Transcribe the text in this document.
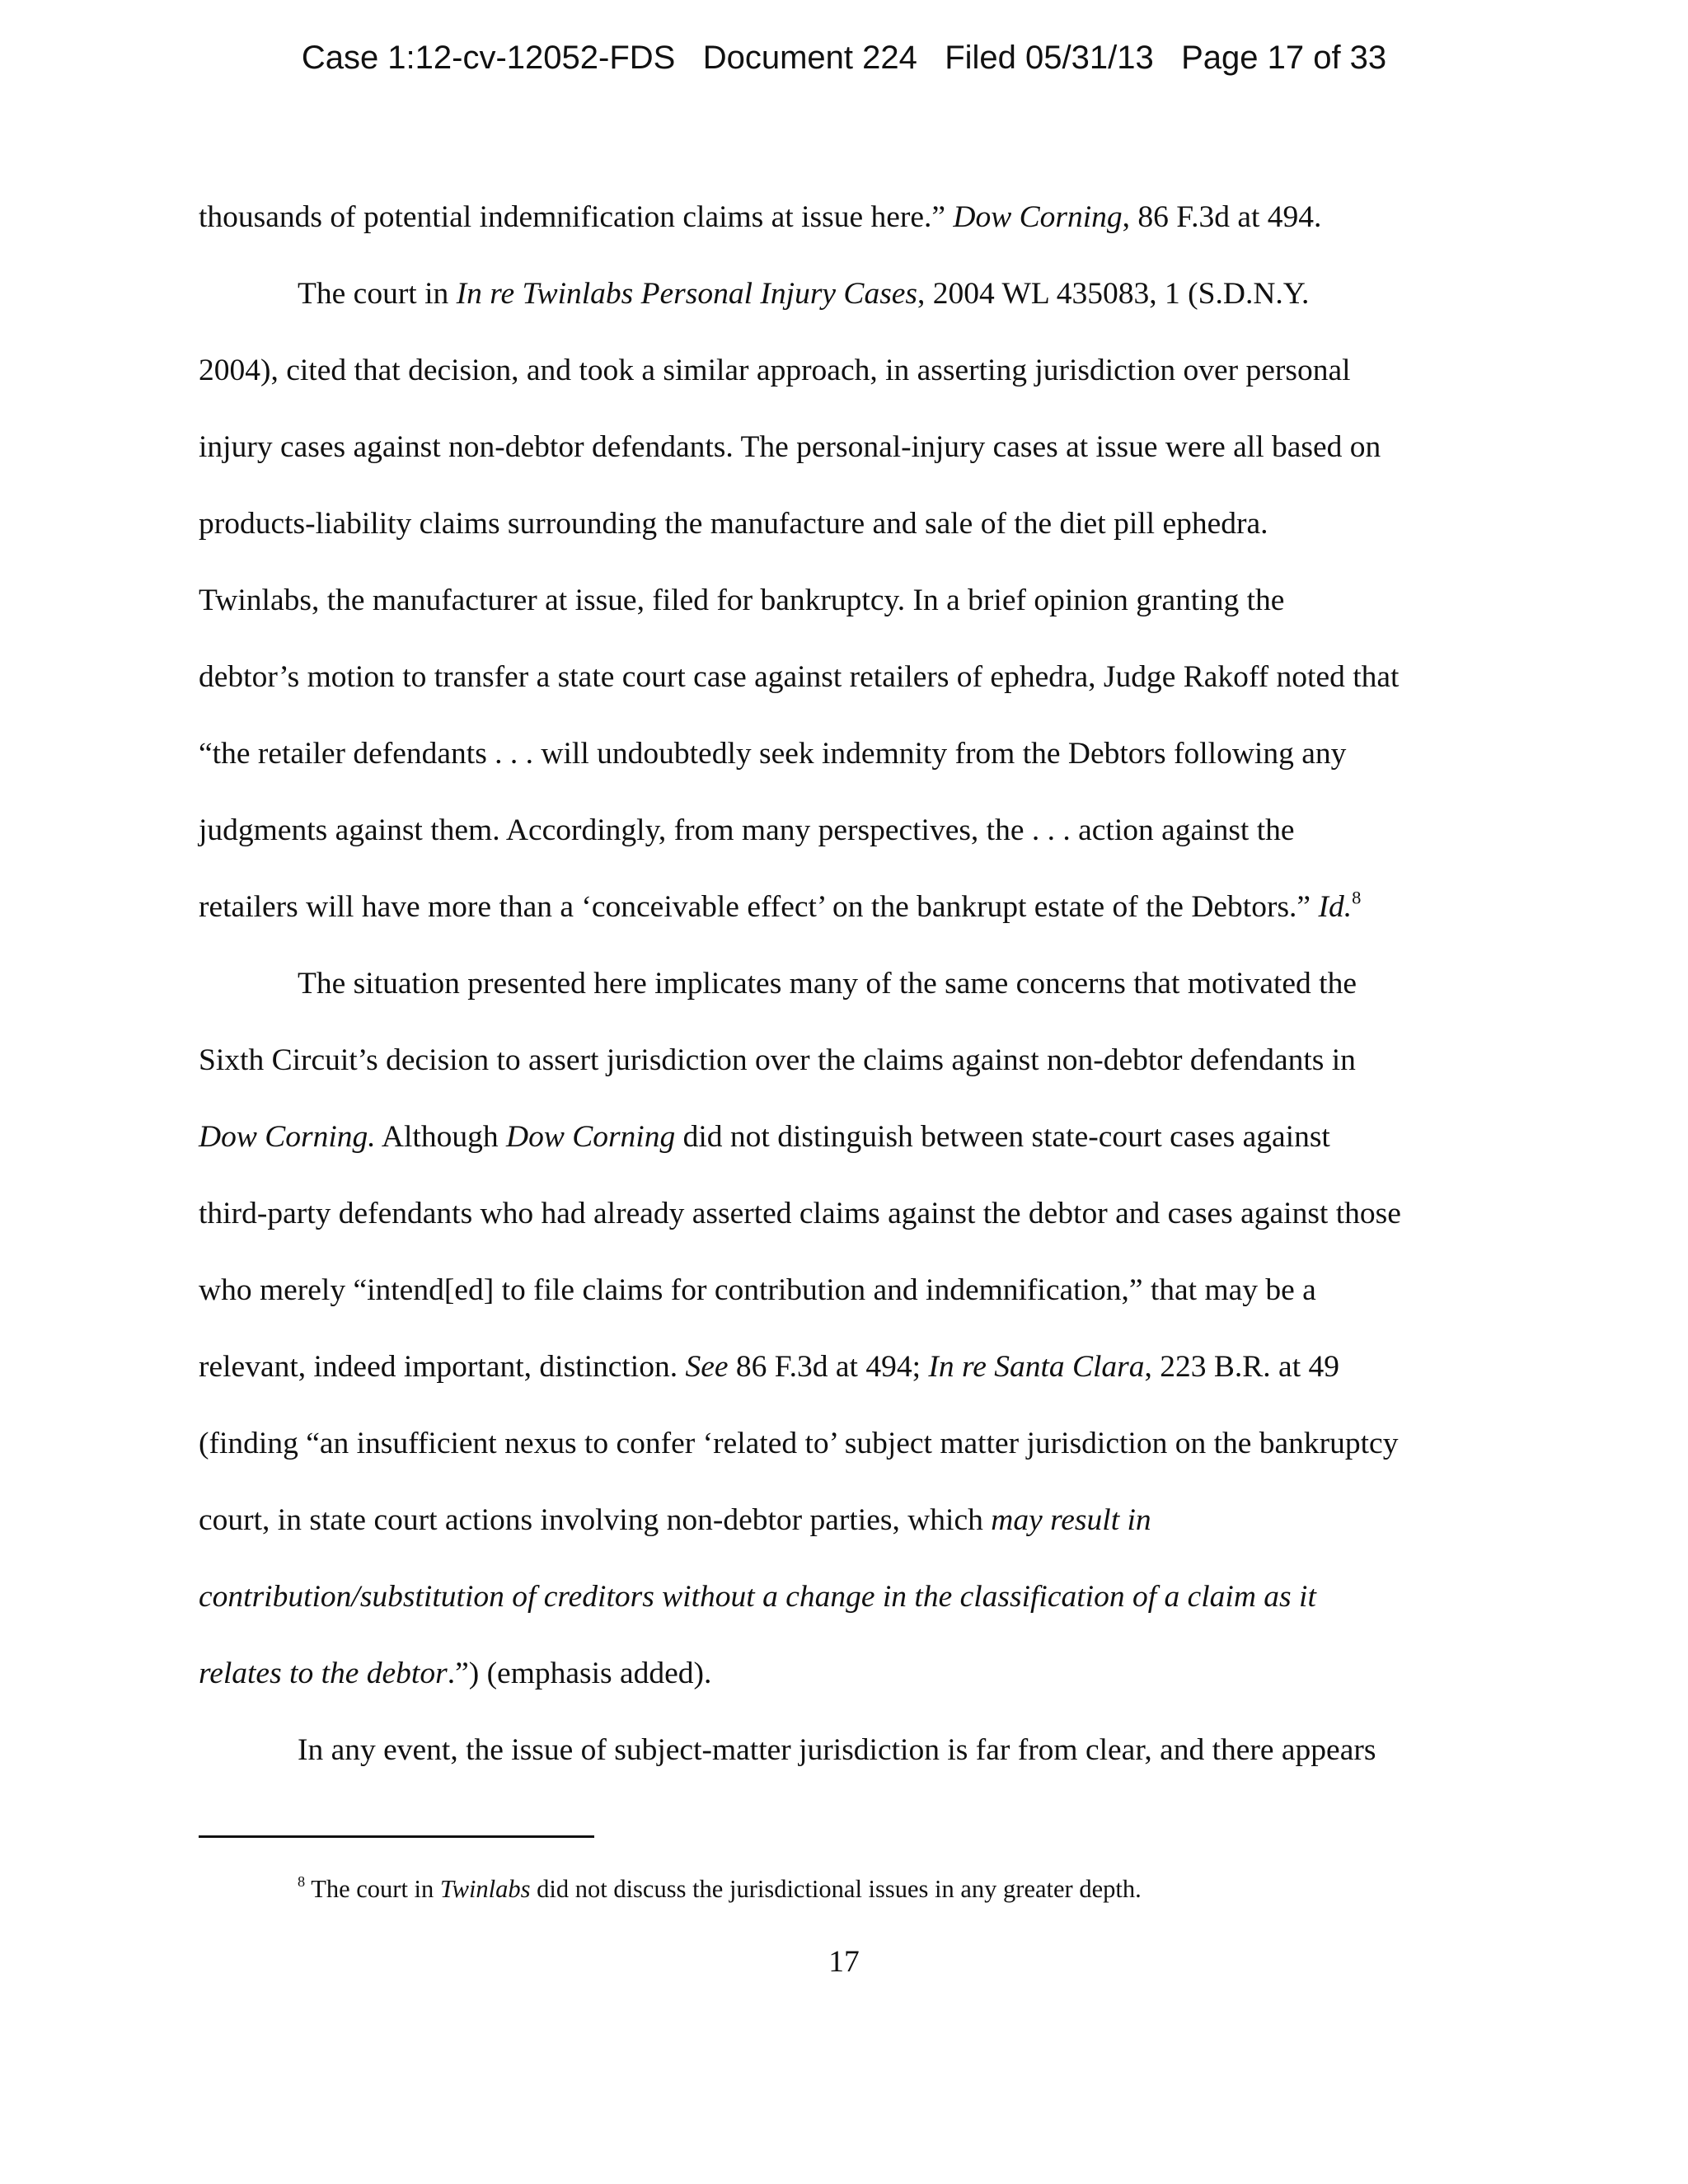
Case 1:12-cv-12052-FDS Document 224 Filed 05/31/13 Page 17 of 33
thousands of potential indemnification claims at issue here.” Dow Corning, 86 F.3d at 494.
The court in In re Twinlabs Personal Injury Cases, 2004 WL 435083, 1 (S.D.N.Y.
2004), cited that decision, and took a similar approach, in asserting jurisdiction over personal
injury cases against non-debtor defendants. The personal-injury cases at issue were all based on
products-liability claims surrounding the manufacture and sale of the diet pill ephedra.
Twinlabs, the manufacturer at issue, filed for bankruptcy. In a brief opinion granting the
debtor’s motion to transfer a state court case against retailers of ephedra, Judge Rakoff noted that
“the retailer defendants . . . will undoubtedly seek indemnity from the Debtors following any
judgments against them. Accordingly, from many perspectives, the . . . action against the
retailers will have more than a ‘conceivable effect’ on the bankrupt estate of the Debtors.” Id.$^8$
The situation presented here implicates many of the same concerns that motivated the
Sixth Circuit’s decision to assert jurisdiction over the claims against non-debtor defendants in
Dow Corning. Although Dow Corning did not distinguish between state-court cases against
third-party defendants who had already asserted claims against the debtor and cases against those
who merely “intend[ed] to file claims for contribution and indemnification,” that may be a
relevant, indeed important, distinction. See 86 F.3d at 494; In re Santa Clara, 223 B.R. at 49
(finding “an insufficient nexus to confer ‘related to’ subject matter jurisdiction on the bankruptcy
court, in state court actions involving non-debtor parties, which may result in
contribution/substitution of creditors without a change in the classification of a claim as it
relates to the debtor.”) (emphasis added).
In any event, the issue of subject-matter jurisdiction is far from clear, and there appears
$^8$ The court in Twinlabs did not discuss the jurisdictional issues in any greater depth.
17
